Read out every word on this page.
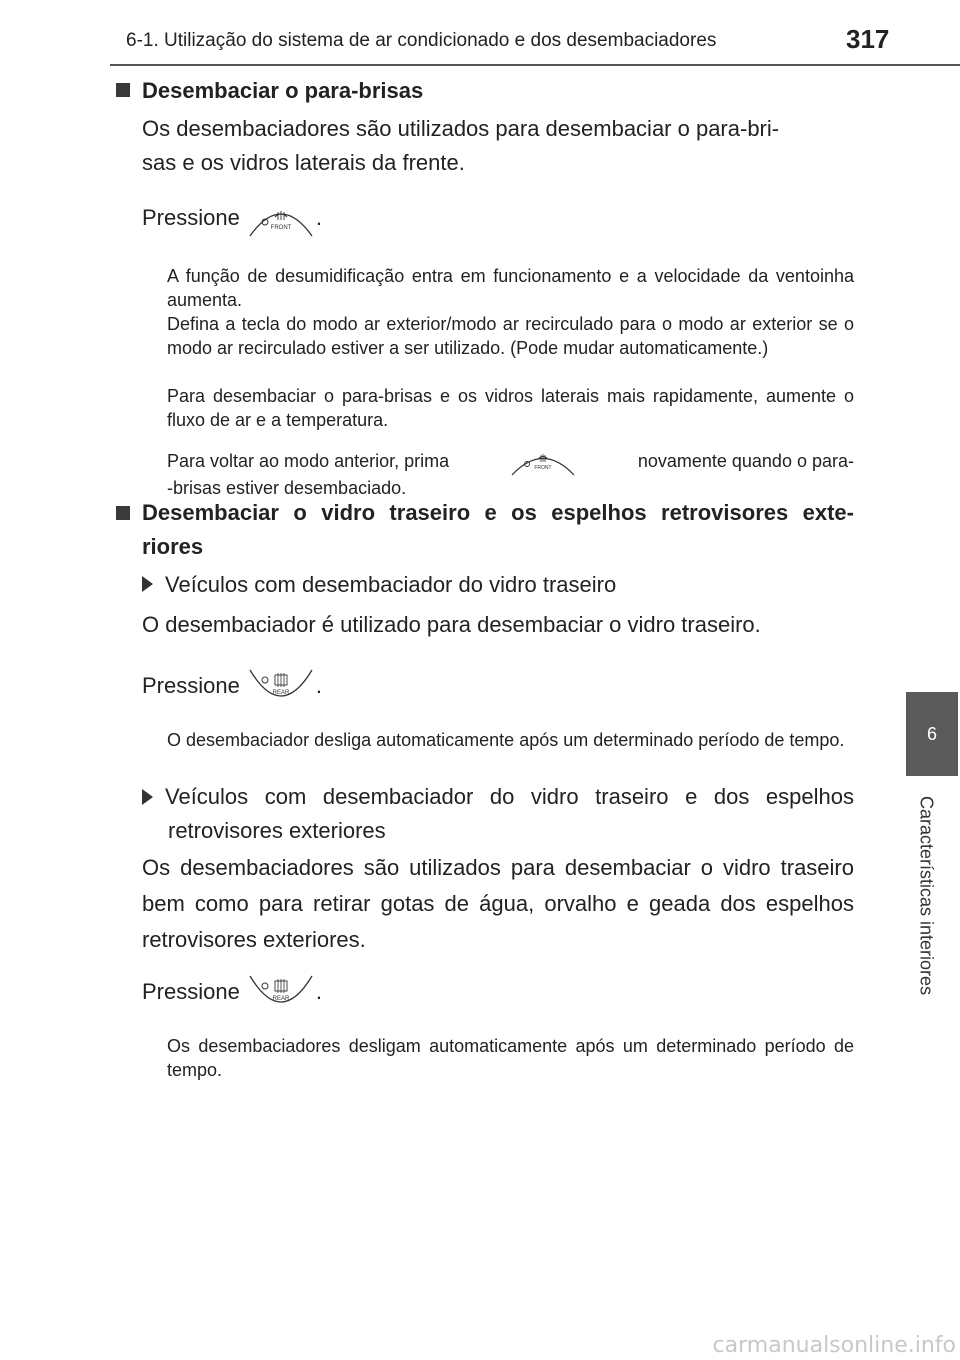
6-1. Utilização do sistema de ar condicionado e dos desembaciadores	317
6
Características interiores
Desembaciar o para-brisas
Os desembaciadores são utilizados para desembaciar o para-bri-
sas e os vidros laterais da frente.
Pressione	FRONT .
A função de desumidificação entra em funcionamento e a velocidade da ventoinha aumenta.
Defina a tecla do modo ar exterior/modo ar recirculado para o modo ar exterior se o modo ar recirculado estiver a ser utilizado. (Pode mudar automaticamente.)
Para desembaciar o para-brisas e os vidros laterais mais rapidamente, aumente o fluxo de ar e a temperatura.
Para voltar ao modo anterior, prima	FRONT	novamente quando o para-
-brisas estiver desembaciado.
Desembaciar o vidro traseiro e os espelhos retrovisores exte-
riores
Veículos com desembaciador do vidro traseiro
O desembaciador é utilizado para desembaciar o vidro traseiro.
Pressione	REAR .
O desembaciador desliga automaticamente após um determinado período de tempo.
Veículos com desembaciador do vidro traseiro e dos espelhos
retrovisores exteriores
Os desembaciadores são utilizados para desembaciar o vidro traseiro bem como para retirar gotas de água, orvalho e geada dos espelhos retrovisores exteriores.
Pressione	REAR .
Os desembaciadores desligam automaticamente após um determinado período de tempo.
carmanualsonline.info
